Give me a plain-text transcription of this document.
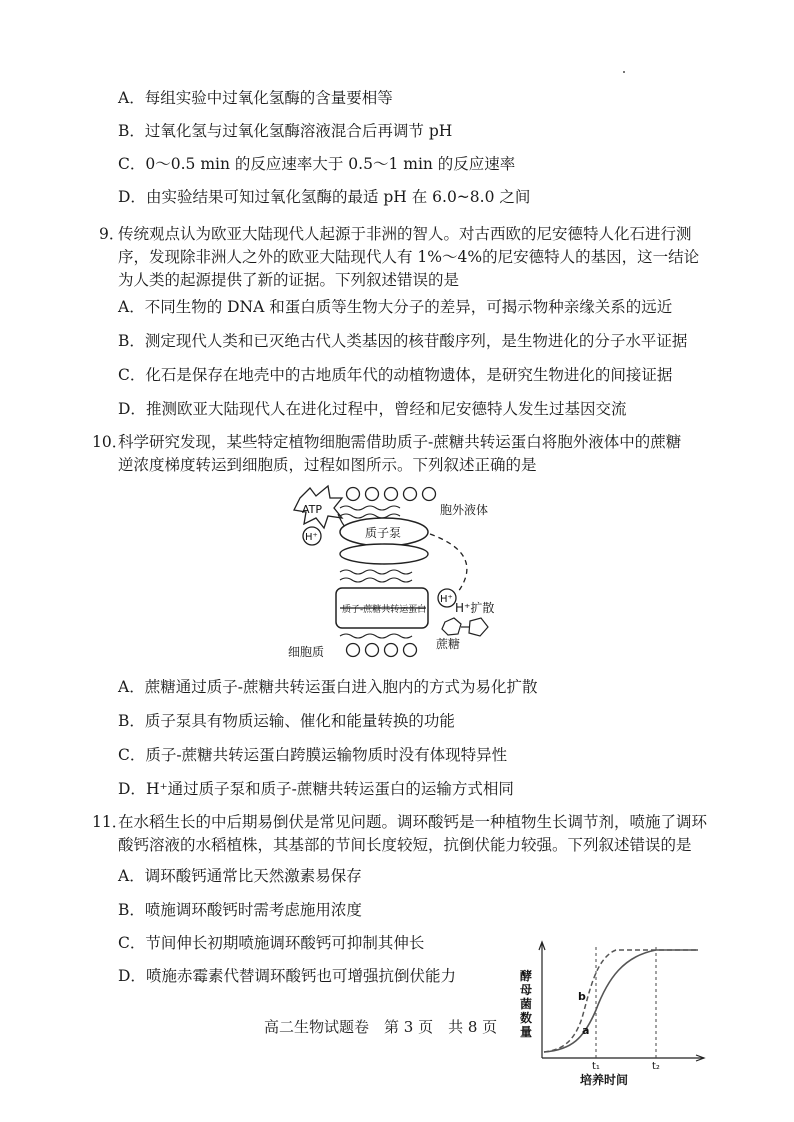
A．每组实验中过氧化氢酶的含量要相等
B．过氧化氢与过氧化氢酶溶液混合后再调节 pH
C．0～0.5 min 的反应速率大于 0.5～1 min 的反应速率
D．由实验结果可知过氧化氢酶的最适 pH 在 6.0~8.0 之间
9．
传统观点认为欧亚大陆现代人起源于非洲的智人。对古西欧的尼安德特人化石进行测
序，发现除非洲人之外的欧亚大陆现代人有 1%～4%的尼安德特人的基因，这一结论
为人类的起源提供了新的证据。下列叙述错误的是
A．不同生物的 DNA 和蛋白质等生物大分子的差异，可揭示物种亲缘关系的远近
B．测定现代人类和已灭绝古代人类基因的核苷酸序列，是生物进化的分子水平证据
C．化石是保存在地壳中的古地质年代的动植物遗体，是研究生物进化的间接证据
D．推测欧亚大陆现代人在进化过程中，曾经和尼安德特人发生过基因交流
10．
科学研究发现，某些特定植物细胞需借助质子-蔗糖共转运蛋白将胞外液体中的蔗糖
逆浓度梯度转运到细胞质，过程如图所示。下列叙述正确的是
ATP
H⁺	质子泵
胞外液体
质子-蔗糖共转运蛋白
H⁺
H⁺扩散
蔗糖
细胞质
A．蔗糖通过质子-蔗糖共转运蛋白进入胞内的方式为易化扩散
B．质子泵具有物质运输、催化和能量转换的功能
C．质子-蔗糖共转运蛋白跨膜运输物质时没有体现特异性
D．H⁺通过质子泵和质子-蔗糖共转运蛋白的运输方式相同
11．
在水稻生长的中后期易倒伏是常见问题。调环酸钙是一种植物生长调节剂，喷施了调环
酸钙溶液的水稻植株，其基部的节间长度较短，抗倒伏能力较强。下列叙述错误的是
A．调环酸钙通常比天然激素易保存
B．喷施调环酸钙时需考虑施用浓度
C．节间伸长初期喷施调环酸钙可抑制其伸长
D．喷施赤霉素代替调环酸钙也可增强抗倒伏能力	酵
母
菌
数
量	a
b
t₁	t₂
培养时间
高二生物试题卷　第 3 页　共 8 页
